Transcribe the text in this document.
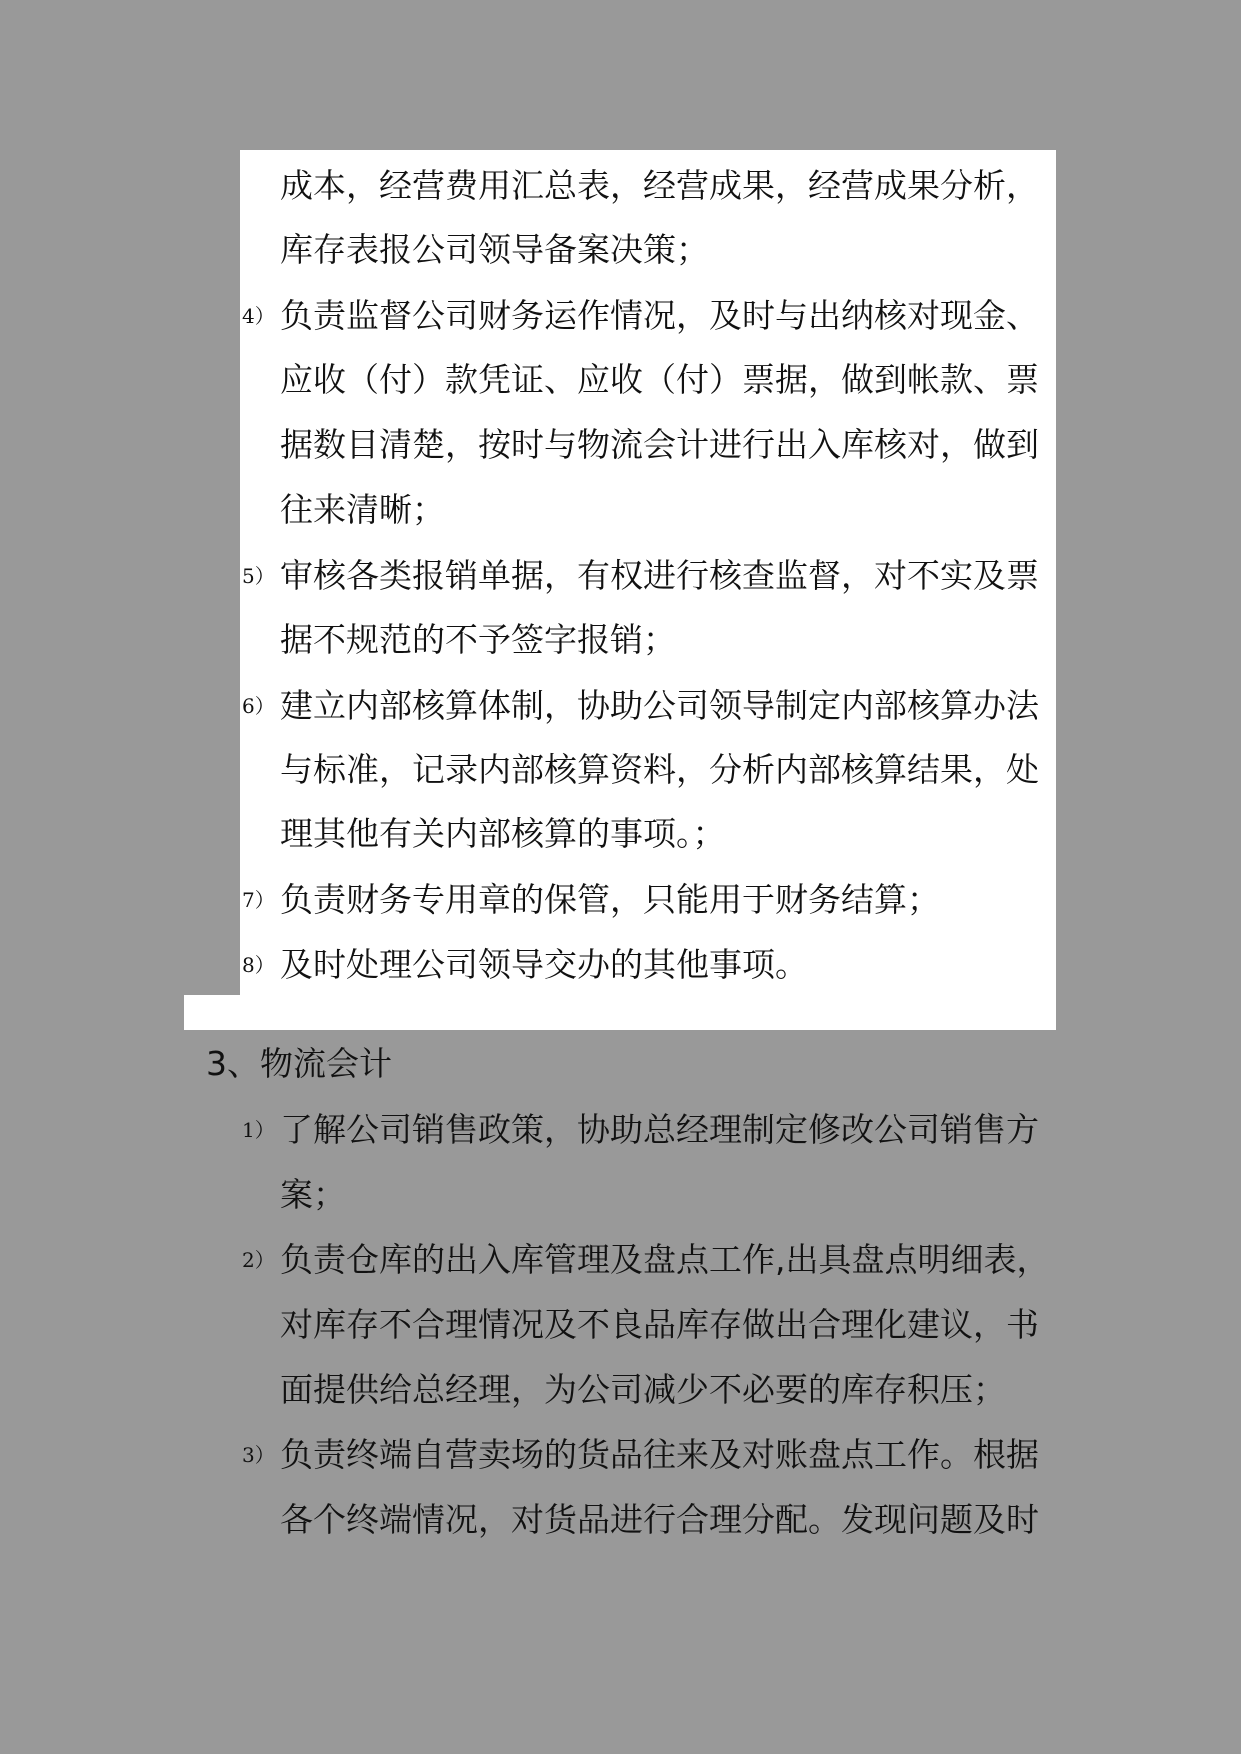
成本，经营费用汇总表，经营成果，经营成果分析，
库存表报公司领导备案决策；
4） 负责监督公司财务运作情况，及时与出纳核对现金、
应收（付）款凭证、应收（付）票据，做到帐款、票
据数目清楚，按时与物流会计进行出入库核对，做到
往来清晰；
5） 审核各类报销单据，有权进行核查监督，对不实及票
据不规范的不予签字报销；
6） 建立内部核算体制，协助公司领导制定内部核算办法
与标准，记录内部核算资料，分析内部核算结果，处
理其他有关内部核算的事项。；
7） 负责财务专用章的保管，只能用于财务结算；
8） 及时处理公司领导交办的其他事项。
3、物流会计
1） 了解公司销售政策，协助总经理制定修改公司销售方
案；
2） 负责仓库的出入库管理及盘点工作,出具盘点明细表，
对库存不合理情况及不良品库存做出合理化建议，书
面提供给总经理，为公司减少不必要的库存积压；
3） 负责终端自营卖场的货品往来及对账盘点工作。根据
各个终端情况，对货品进行合理分配。发现问题及时
